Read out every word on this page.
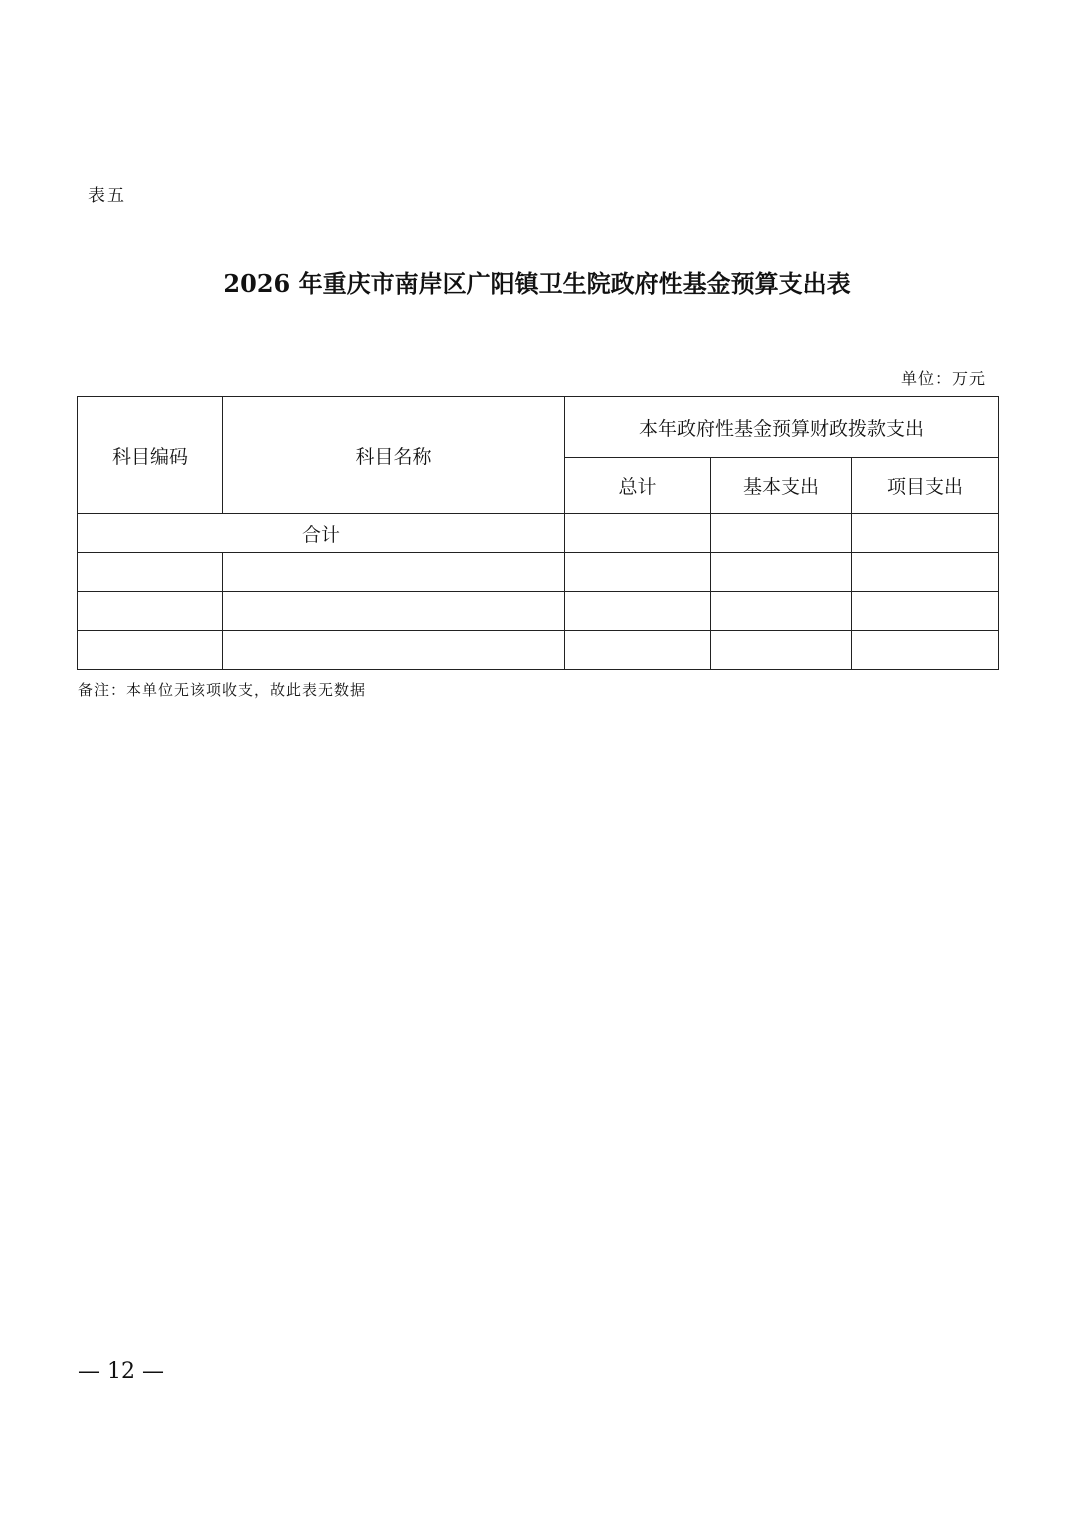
表五
2026 年重庆市南岸区广阳镇卫生院政府性基金预算支出表
单位：万元
科目编码	科目名称	本年政府性基金预算财政拨款支出		
		总计	基本支出	项目支出
合计				

备注：本单位无该项收支，故此表无数据
— 12 —
